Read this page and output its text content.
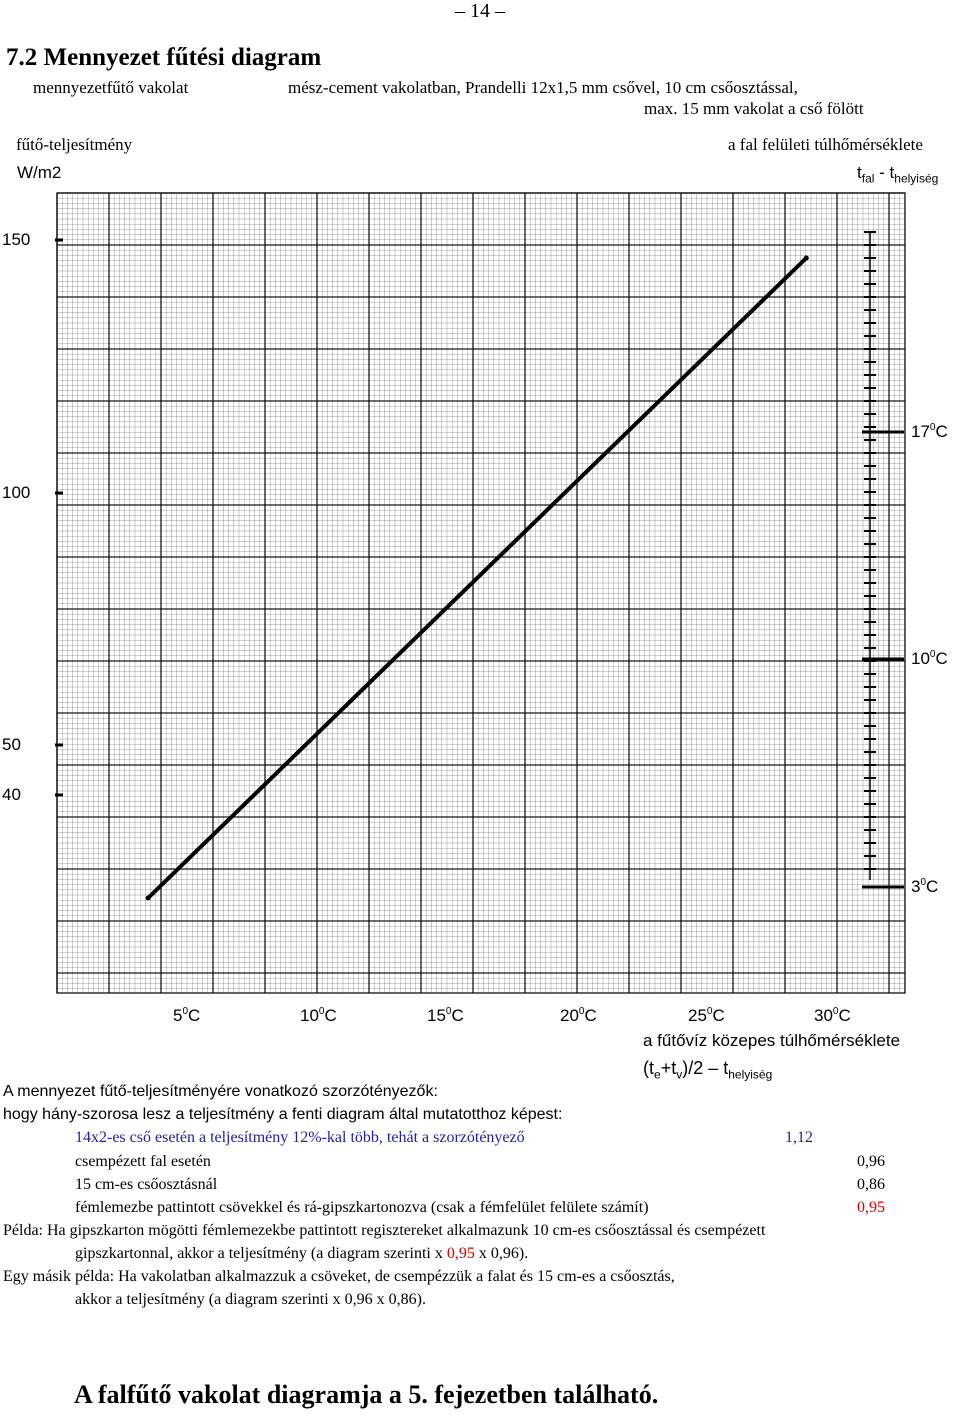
– 14 –
7.2 Mennyezet fűtési diagram
mennyezetfűtő vakolat	mész-cement vakolatban, Prandelli 12x1,5 mm csővel, 10 cm csőosztással,
max. 15 mm vakolat a cső fölött
fűtő-teljesítmény
W/m2
a fal felületi túlhőmérséklete
$t_{fal} - t_{helyiség}$
150
100
50
40
$17^0C$
$10^0C$
$3^0C$
$5^0C$	$10^0C$	$15^0C$	$20^0C$	$25^0C$	$30^0C$
a fűtővíz közepes túlhőmérséklete
$(t_e+t_v)/2 - t_{helyiség}$
A mennyezet fűtő-teljesítményére vonatkozó szorzótényezők:
hogy hány-szorosa lesz a teljesítmény a fenti diagram által mutatotthoz képest:
14x2-es cső esetén a teljesítmény 12%-kal több, tehát a szorzótényező	1,12
csempézett fal esetén	0,96
15 cm-es csőosztásnál	0,86
fémlemezbe pattintott csövekkel és rá-gipszkartonozva (csak a fémfelület felülete számít)	0,95
Példa: Ha gipszkarton mögötti fémlemezekbe pattintott regisztereket alkalmazunk 10 cm-es csőosztással és csempézett
gipszkartonnal, akkor a teljesítmény (a diagram szerinti x 0,95 x 0,96).
Egy másik példa: Ha vakolatban alkalmazzuk a csöveket, de csempézzük a falat és 15 cm-es a csőosztás,
akkor a teljesítmény (a diagram szerinti x 0,96 x 0,86).
A falfűtő vakolat diagramja a 5. fejezetben található.
